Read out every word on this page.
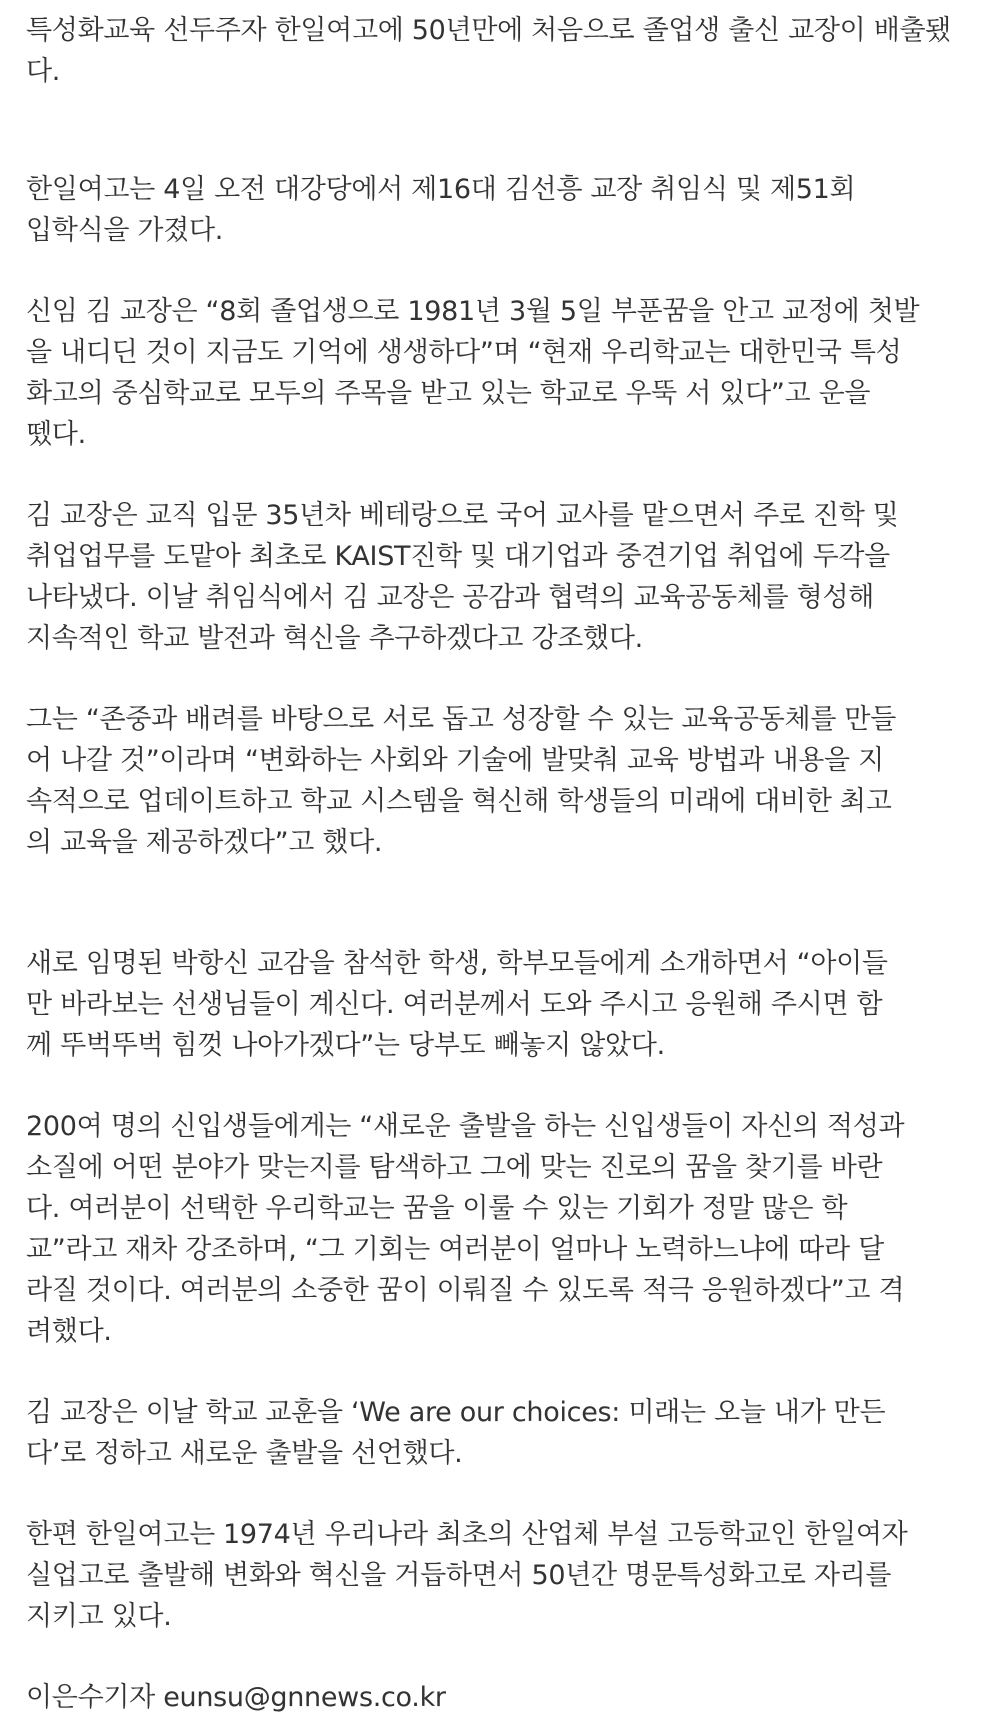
특성화교육 선두주자 한일여고에 50년만에 처음으로 졸업생 출신 교장이 배출됐
다.

한일여고는 4일 오전 대강당에서 제16대 김선흥 교장 취임식 및 제51회
입학식을 가졌다.

신임 김 교장은 “8회 졸업생으로 1981년 3월 5일 부푼꿈을 안고 교정에 첫발
을 내디딘 것이 지금도 기억에 생생하다”며 “현재 우리학교는 대한민국 특성
화고의 중심학교로 모두의 주목을 받고 있는 학교로 우뚝 서 있다”고 운을
뗐다.

김 교장은 교직 입문 35년차 베테랑으로 국어 교사를 맡으면서 주로 진학 및
취업업무를 도맡아 최초로 KAIST진학 및 대기업과 중견기업 취업에 두각을
나타냈다. 이날 취임식에서 김 교장은 공감과 협력의 교육공동체를 형성해
지속적인 학교 발전과 혁신을 추구하겠다고 강조했다.

그는 “존중과 배려를 바탕으로 서로 돕고 성장할 수 있는 교육공동체를 만들
어 나갈 것”이라며 “변화하는 사회와 기술에 발맞춰 교육 방법과 내용을 지
속적으로 업데이트하고 학교 시스템을 혁신해 학생들의 미래에 대비한 최고
의 교육을 제공하겠다”고 했다.

새로 임명된 박항신 교감을 참석한 학생, 학부모들에게 소개하면서 “아이들
만 바라보는 선생님들이 계신다. 여러분께서 도와 주시고 응원해 주시면 함
께 뚜벅뚜벅 힘껏 나아가겠다”는 당부도 빼놓지 않았다.

200여 명의 신입생들에게는 “새로운 출발을 하는 신입생들이 자신의 적성과
소질에 어떤 분야가 맞는지를 탐색하고 그에 맞는 진로의 꿈을 찾기를 바란
다. 여러분이 선택한 우리학교는 꿈을 이룰 수 있는 기회가 정말 많은 학
교”라고 재차 강조하며, “그 기회는 여러분이 얼마나 노력하느냐에 따라 달
라질 것이다. 여러분의 소중한 꿈이 이뤄질 수 있도록 적극 응원하겠다”고 격
려했다.

김 교장은 이날 학교 교훈을 ‘We are our choices: 미래는 오늘 내가 만든
다’로 정하고 새로운 출발을 선언했다.

한편 한일여고는 1974년 우리나라 최초의 산업체 부설 고등학교인 한일여자
실업고로 출발해 변화와 혁신을 거듭하면서 50년간 명문특성화고로 자리를
지키고 있다.

이은수기자 eunsu@gnnews.co.kr
